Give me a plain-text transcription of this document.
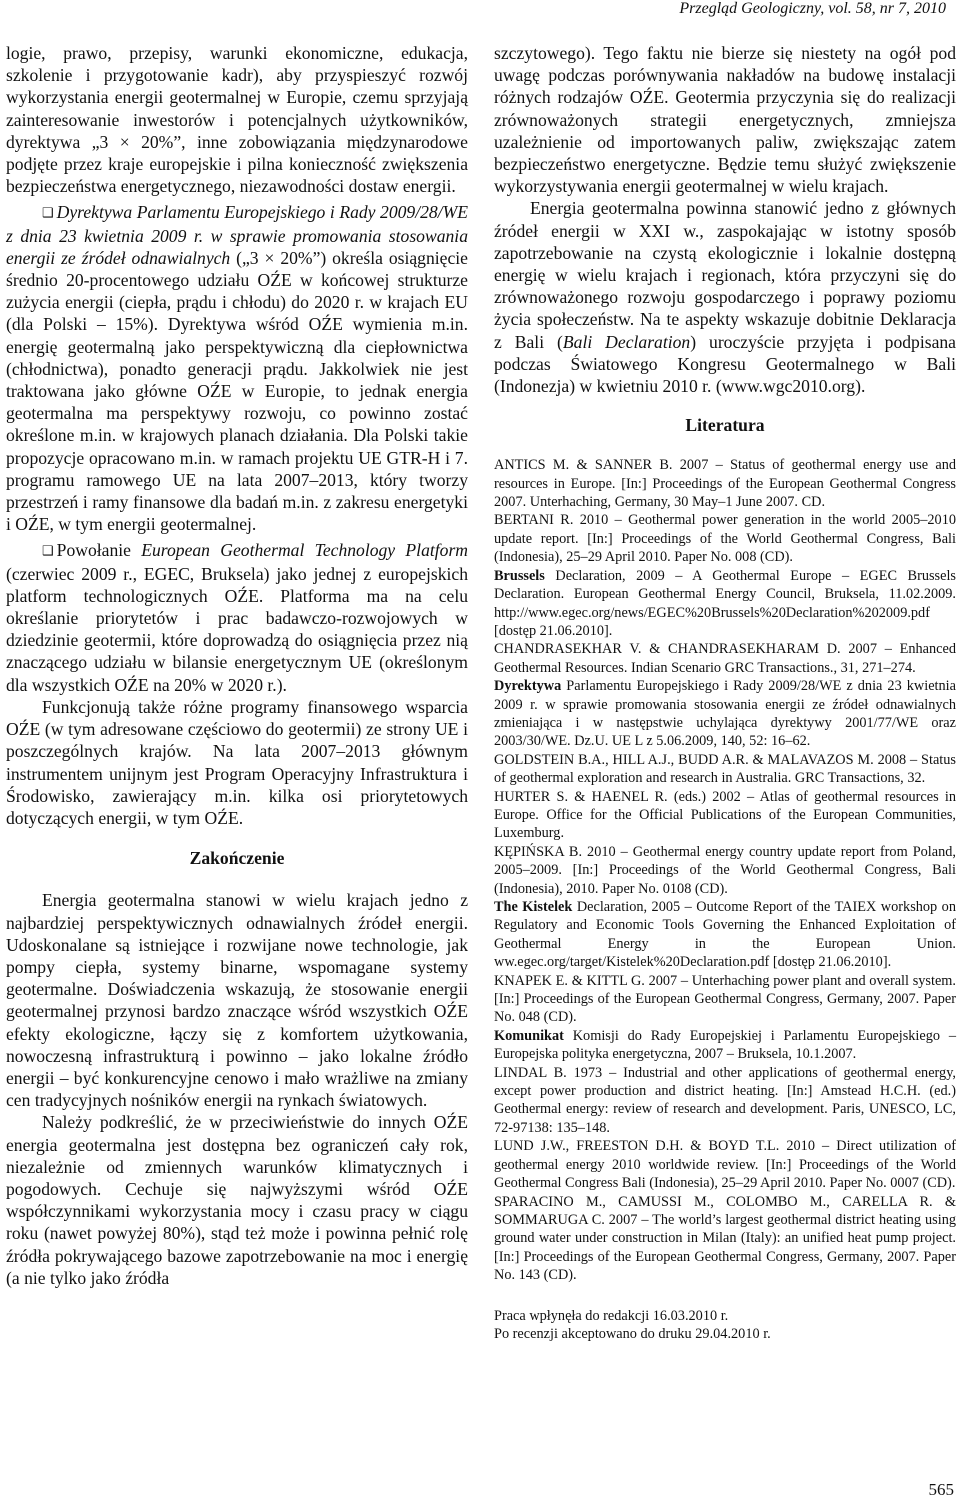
Przegląd Geologiczny, vol. 58, nr 7, 2010

logie, prawo, przepisy, warunki ekonomiczne, edukacja, szkolenie i przygotowanie kadr), aby przyspieszyć rozwój wykorzystania energii geotermalnej w Europie, czemu sprzyjają zainteresowanie inwestorów i potencjalnych użytkowników, dyrektywa „3 × 20%”, inne zobowiązania międzynarodowe podjęte przez kraje europejskie i pilna konieczność zwiększenia bezpieczeństwa energetycznego, niezawodności dostaw energii.

❑ Dyrektywa Parlamentu Europejskiego i Rady 2009/28/WE z dnia 23 kwietnia 2009 r. w sprawie promowania stosowania energii ze źródeł odnawialnych („3 × 20%”) określa osiągnięcie średnio 20-procentowego udziału OŹE w końcowej strukturze zużycia energii (ciepła, prądu i chłodu) do 2020 r. w krajach EU (dla Polski – 15%). Dyrektywa wśród OŹE wymienia m.in. energię geotermalną jako perspektywiczną dla ciepłownictwa (chłodnictwa), ponadto generacji prądu. Jakkolwiek nie jest traktowana jako główne OŹE w Europie, to jednak energia geotermalna ma perspektywy rozwoju, co powinno zostać określone m.in. w krajowych planach działania. Dla Polski takie propozycje opracowano m.in. w ramach projektu UE GTR-H i 7. programu ramowego UE na lata 2007–2013, który tworzy przestrzeń i ramy finansowe dla badań m.in. z zakresu energetyki i OŹE, w tym energii geotermalnej.

❑ Powołanie European Geothermal Technology Platform (czerwiec 2009 r., EGEC, Bruksela) jako jednej z europejskich platform technologicznych OŹE. Platforma ma na celu określanie priorytetów i prac badawczo-rozwojowych w dziedzinie geotermii, które doprowadzą do osiągnięcia przez nią znaczącego udziału w bilansie energetycznym UE (określonym dla wszystkich OŹE na 20% w 2020 r.).

Funkcjonują także różne programy finansowego wsparcia OŹE (w tym adresowane częściowo do geotermii) ze strony UE i poszczególnych krajów. Na lata 2007–2013 głównym instrumentem unijnym jest Program Operacyjny Infrastruktura i Środowisko, zawierający m.in. kilka osi priorytetowych dotyczących energii, w tym OŹE.

Zakończenie

Energia geotermalna stanowi w wielu krajach jedno z najbardziej perspektywicznych odnawialnych źródeł energii. Udoskonalane są istniejące i rozwijane nowe technologie, jak pompy ciepła, systemy binarne, wspomagane systemy geotermalne. Doświadczenia wskazują, że stosowanie energii geotermalnej przynosi bardzo znaczące wśród wszystkich OŹE efekty ekologiczne, łączy się z komfortem użytkowania, nowoczesną infrastrukturą i powinno – jako lokalne źródło energii – być konkurencyjne cenowo i mało wrażliwe na zmiany cen tradycyjnych nośników energii na rynkach światowych.

Należy podkreślić, że w przeciwieństwie do innych OŹE energia geotermalna jest dostępna bez ograniczeń cały rok, niezależnie od zmiennych warunków klimatycznych i pogodowych. Cechuje się najwyższymi wśród OŹE współczynnikami wykorzystania mocy i czasu pracy w ciągu roku (nawet powyżej 80%), stąd też może i powinna pełnić rolę źródła pokrywającego bazowe zapotrzebowanie na moc i energię (a nie tylko jako źródła

szczytowego). Tego faktu nie bierze się niestety na ogół pod uwagę podczas porównywania nakładów na budowę instalacji różnych rodzajów OŹE. Geotermia przyczynia się do realizacji zrównoważonych strategii energetycznych, zmniejsza uzależnienie od importowanych paliw, zwiększając zatem bezpieczeństwo energetyczne. Będzie temu służyć zwiększenie wykorzystywania energii geotermalnej w wielu krajach.

Energia geotermalna powinna stanowić jedno z głównych źródeł energii w XXI w., zaspokajając w istotny sposób zapotrzebowanie na czystą ekologicznie i lokalnie dostępną energię w wielu krajach i regionach, która przyczyni się do zrównoważonego rozwoju gospodarczego i poprawy poziomu życia społeczeństw. Na te aspekty wskazuje dobitnie Deklaracja z Bali (Bali Declaration) uroczyście przyjęta i podpisana podczas Światowego Kongresu Geotermalnego w Bali (Indonezja) w kwietniu 2010 r. (www.wgc2010.org).

Literatura

ANTICS M. & SANNER B. 2007 – Status of geothermal energy use and resources in Europe. [In:] Proceedings of the European Geothermal Congress 2007. Unterhaching, Germany, 30 May–1 June 2007. CD.

BERTANI R. 2010 – Geothermal power generation in the world 2005–2010 update report. [In:] Proceedings of the World Geothermal Congress, Bali (Indonesia), 25–29 April 2010. Paper No. 008 (CD).

Brussels Declaration, 2009 – A Geothermal Europe – EGEC Brussels Declaration. European Geothermal Energy Council, Bruksela, 11.02.2009. http://www.egec.org/news/EGEC%20Brussels%20Declaration%202009.pdf [dostęp 21.06.2010].

CHANDRASEKHAR V. & CHANDRASEKHARAM D. 2007 – Enhanced Geothermal Resources. Indian Scenario GRC Transactions., 31, 271–274.

Dyrektywa Parlamentu Europejskiego i Rady 2009/28/WE z dnia 23 kwietnia 2009 r. w sprawie promowania stosowania energii ze źródeł odnawialnych zmieniająca i w następstwie uchylająca dyrektywy 2001/77/WE oraz 2003/30/WE. Dz.U. UE L z 5.06.2009, 140, 52: 16–62.

GOLDSTEIN B.A., HILL A.J., BUDD A.R. & MALAVAZOS M. 2008 – Status of geothermal exploration and research in Australia. GRC Transactions, 32.

HURTER S. & HAENEL R. (eds.) 2002 – Atlas of geothermal resources in Europe. Office for the Official Publications of the European Communities, Luxemburg.

KĘPIŃSKA B. 2010 – Geothermal energy country update report from Poland, 2005–2009. [In:] Proceedings of the World Geothermal Congress, Bali (Indonesia), 2010. Paper No. 0108 (CD).

The Kistelek Declaration, 2005 – Outcome Report of the TAIEX workshop on Regulatory and Economic Tools Governing the Enhanced Exploitation of Geothermal Energy in the European Union. ww.egec.org/target/Kistelek%20Declaration.pdf [dostęp 21.06.2010].

KNAPEK E. & KITTL G. 2007 – Unterhaching power plant and overall system. [In:] Proceedings of the European Geothermal Congress, Germany, 2007. Paper No. 048 (CD).

Komunikat Komisji do Rady Europejskiej i Parlamentu Europejskiego – Europejska polityka energetyczna, 2007 – Bruksela, 10.1.2007.

LINDAL B. 1973 – Industrial and other applications of geothermal energy, except power production and district heating. [In:] Amstead H.C.H. (ed.) Geothermal energy: review of research and development. Paris, UNESCO, LC, 72-97138: 135–148.

LUND J.W., FREESTON D.H. & BOYD T.L. 2010 – Direct utilization of geothermal energy 2010 worldwide review. [In:] Proceedings of the World Geothermal Congress Bali (Indonesia), 25–29 April 2010. Paper No. 0007 (CD).

SPARACINO M., CAMUSSI M., COLOMBO M., CARELLA R. & SOMMARUGA C. 2007 – The world’s largest geothermal district heating using ground water under construction in Milan (Italy): an unified heat pump project. [In:] Proceedings of the European Geothermal Congress, Germany, 2007. Paper No. 143 (CD).

Praca wpłynęła do redakcji 16.03.2010 r.
Po recenzji akceptowano do druku 29.04.2010 r.
565
